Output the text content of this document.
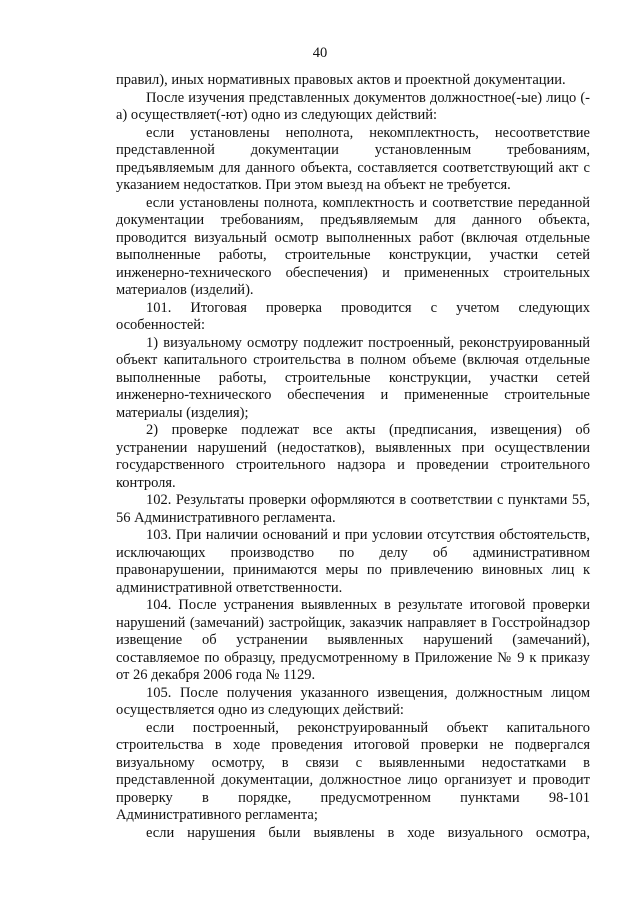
40

правил), иных нормативных правовых актов и проектной документации.

После изучения представленных документов должностное(-ые) лицо (-а) осуществляет(-ют) одно из следующих действий:

если установлены неполнота, некомплектность, несоответствие представленной документации установленным требованиям, предъявляемым для данного объекта, составляется соответствующий акт с указанием недостатков. При этом выезд на объект не требуется.

если установлены полнота, комплектность и соответствие переданной документации требованиям, предъявляемым для данного объекта, проводится визуальный осмотр выполненных работ (включая отдельные выполненные работы, строительные конструкции, участки сетей инженерно-технического обеспечения) и примененных строительных материалов (изделий).

101. Итоговая проверка проводится с учетом следующих особенностей:

1) визуальному осмотру подлежит построенный, реконструированный объект капитального строительства в полном объеме (включая отдельные выполненные работы, строительные конструкции, участки сетей инженерно-технического обеспечения и примененные строительные материалы (изделия);

2) проверке подлежат все акты (предписания, извещения) об устранении нарушений (недостатков), выявленных при осуществлении государственного строительного надзора и проведении строительного контроля.

102. Результаты проверки оформляются в соответствии с пунктами 55, 56 Административного регламента.

103. При наличии оснований и при условии отсутствия обстоятельств, исключающих производство по делу об административном правонарушении, принимаются меры по привлечению виновных лиц к административной ответственности.

104. После устранения выявленных в результате итоговой проверки нарушений (замечаний) застройщик, заказчик направляет в Госстройнадзор извещение об устранении выявленных нарушений (замечаний), составляемое по образцу, предусмотренному в Приложение № 9 к приказу от 26 декабря 2006 года № 1129.

105. После получения указанного извещения, должностным лицом осуществляется одно из следующих действий:

если построенный, реконструированный объект капитального строительства в ходе проведения итоговой проверки не подвергался визуальному осмотру, в связи с выявленными недостатками в представленной документации, должностное лицо организует и проводит проверку в порядке, предусмотренном пунктами 98-101 Административного регламента;

если нарушения были выявлены в ходе визуального осмотра,
